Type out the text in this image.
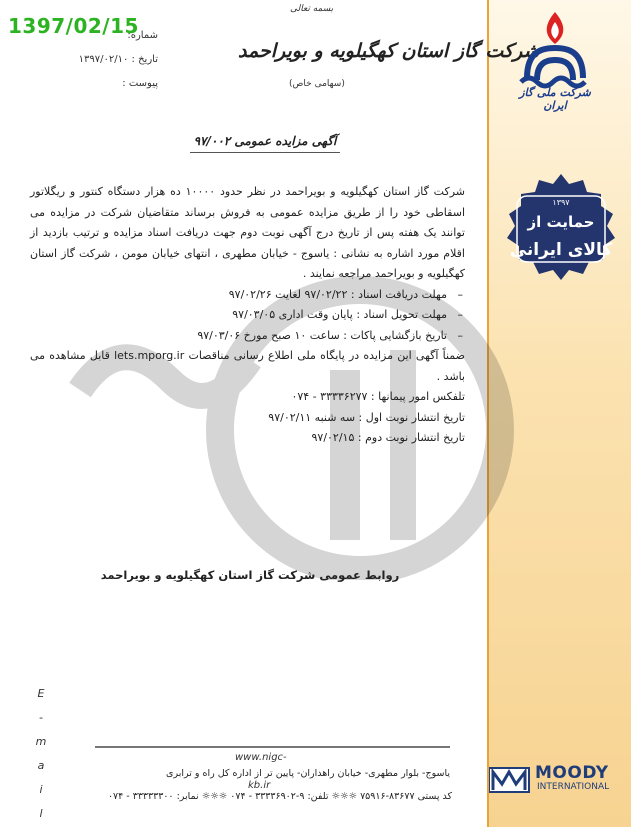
1397/02/15
شماره:
تاریخ : ۱۳۹۷/۰۲/۱۰
پیوست :
بسمه تعالی
شرکت گاز استان کهگیلویه و بویراحمد
(سهامی خاص)
شرکت ملی گاز ایران
۱۳۹۷
حمایت از
کالای ایرانی
آگهی مزایده عمومی ۹۷/۰۰۲

شرکت گاز استان کهگیلویه و بویراحمد در نظر حدود ۱۰۰۰۰ ده هزار دستگاه کنتور و ریگلاتور اسقاطی خود را از طریق مزایده عمومی به فروش برساند متقاضیان شرکت در مزایده می توانند یک هفته پس از تاریخ درج آگهی نوبت دوم جهت دریافت اسناد مزایده و ترتیب بازدید از اقلام مورد اشاره به نشانی : یاسوج - خیابان مطهری ، انتهای خیابان مومن ، شرکت گاز استان کهگیلویه و بویراحمد مراجعه نمایند .

– مهلت دریافت اسناد : ۹۷/۰۲/۲۲ لغایت ۹۷/۰۲/۲۶

– مهلت تحویل اسناد : پایان وقت اداری ۹۷/۰۳/۰۵

– تاریخ بازگشایی پاکات : ساعت ۱۰ صبح مورخ ۹۷/۰۳/۰۶

ضمناً آگهی این مزایده در پایگاه ملی اطلاع رسانی مناقصات lets.mporg.ir قابل مشاهده می باشد .

تلفکس امور پیمانها : ۳۳۳۳۶۲۷۷ - ۰۷۴

تاریخ انتشار نوبت اول : سه شنبه ۹۷/۰۲/۱۱

تاریخ انتشار نوبت دوم : ۹۷/۰۲/۱۵

روابط عمومی شرکت گاز استان کهگیلویه و بویراحمد
E
-
m
a
i
l
www.nigc-
یاسوج- بلوار مطهری- خیابان راهداران- پایین تر از اداره کل راه و ترابری
kb.ir
کد پستی ۸۳۶۷۷-۷۵۹۱۶ ☼☼☼ تلفن: ۹-۳۳۳۳۶۹۰۲ - ۰۷۴ ☼☼☼ نمابر: ۳۳۳۳۳۳۰۰ - ۰۷۴
MOODY
INTERNATIONAL
